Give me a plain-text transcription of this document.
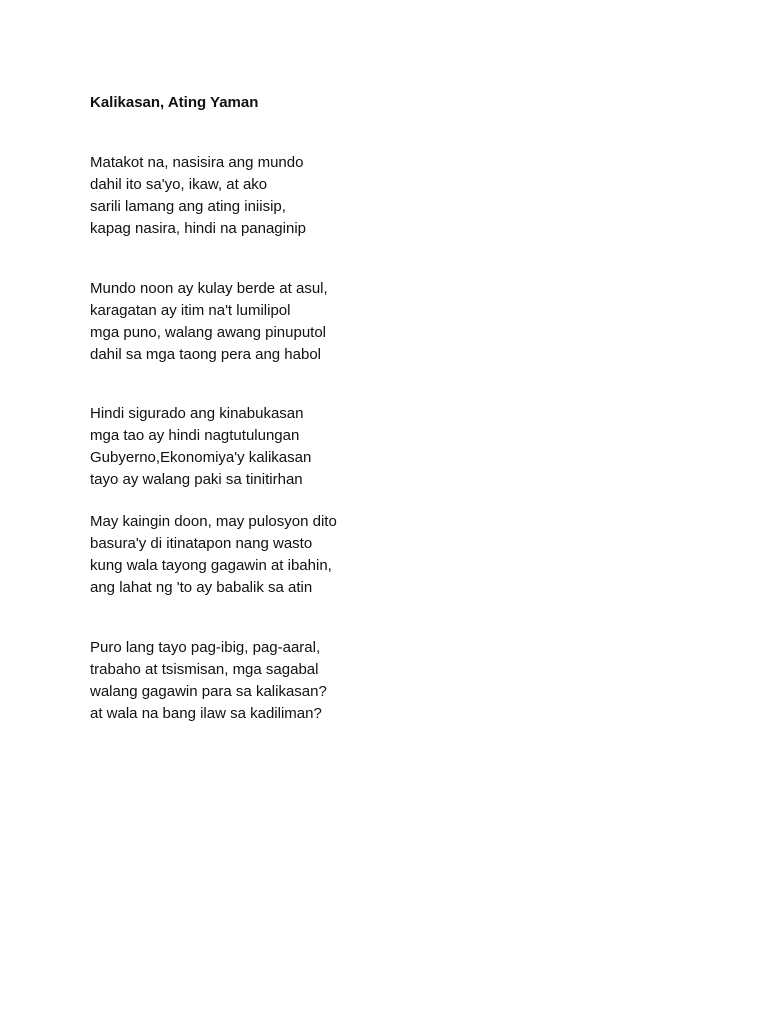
Kalikasan, Ating Yaman
Matakot na, nasisira ang mundo
dahil ito sa'yo, ikaw, at ako
sarili lamang ang ating iniisip,
kapag nasira, hindi na panaginip
Mundo noon ay kulay berde at asul,
karagatan ay itim na't lumilipol
mga puno, walang awang pinuputol
dahil sa mga taong pera ang habol
Hindi sigurado ang kinabukasan
mga tao ay hindi nagtutulungan
Gubyerno,Ekonomiya'y kalikasan
tayo ay walang paki sa tinitirhan
May kaingin doon, may pulosyon dito
basura'y di itinatapon nang wasto
kung wala tayong gagawin at ibahin,
ang lahat ng 'to ay babalik sa atin
Puro lang tayo pag-ibig, pag-aaral,
trabaho at tsismisan, mga sagabal
walang gagawin para sa kalikasan?
at wala na bang ilaw sa kadiliman?
